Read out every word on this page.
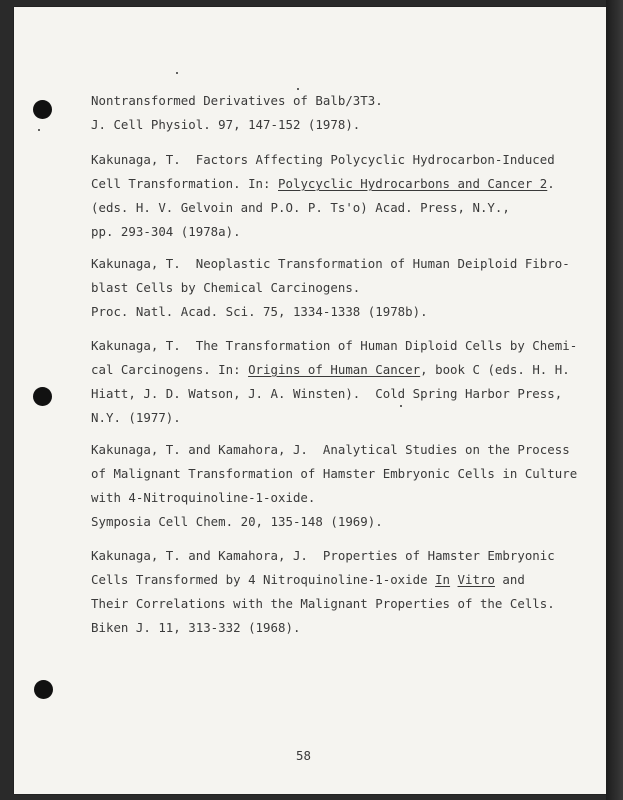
Nontransformed Derivatives of Balb/3T3.
J. Cell Physiol. 97, 147-152 (1978).
Kakunaga, T.  Factors Affecting Polycyclic Hydrocarbon-Induced
Cell Transformation. In: Polycyclic Hydrocarbons and Cancer 2.
(eds. H. V. Gelvoin and P.O. P. Ts'o) Acad. Press, N.Y.,
pp. 293-304 (1978a).
Kakunaga, T.  Neoplastic Transformation of Human Deiploid Fibro-
blast Cells by Chemical Carcinogens.
Proc. Natl. Acad. Sci. 75, 1334-1338 (1978b).
Kakunaga, T.  The Transformation of Human Diploid Cells by Chemi-
cal Carcinogens. In: Origins of Human Cancer, book C (eds. H. H.
Hiatt, J. D. Watson, J. A. Winsten).  Cold Spring Harbor Press,
N.Y. (1977).
Kakunaga, T. and Kamahora, J.  Analytical Studies on the Process
of Malignant Transformation of Hamster Embryonic Cells in Culture
with 4-Nitroquinoline-1-oxide.
Symposia Cell Chem. 20, 135-148 (1969).
Kakunaga, T. and Kamahora, J.  Properties of Hamster Embryonic
Cells Transformed by 4 Nitroquinoline-1-oxide In Vitro and
Their Correlations with the Malignant Properties of the Cells.
Biken J. 11, 313-332 (1968).
58
